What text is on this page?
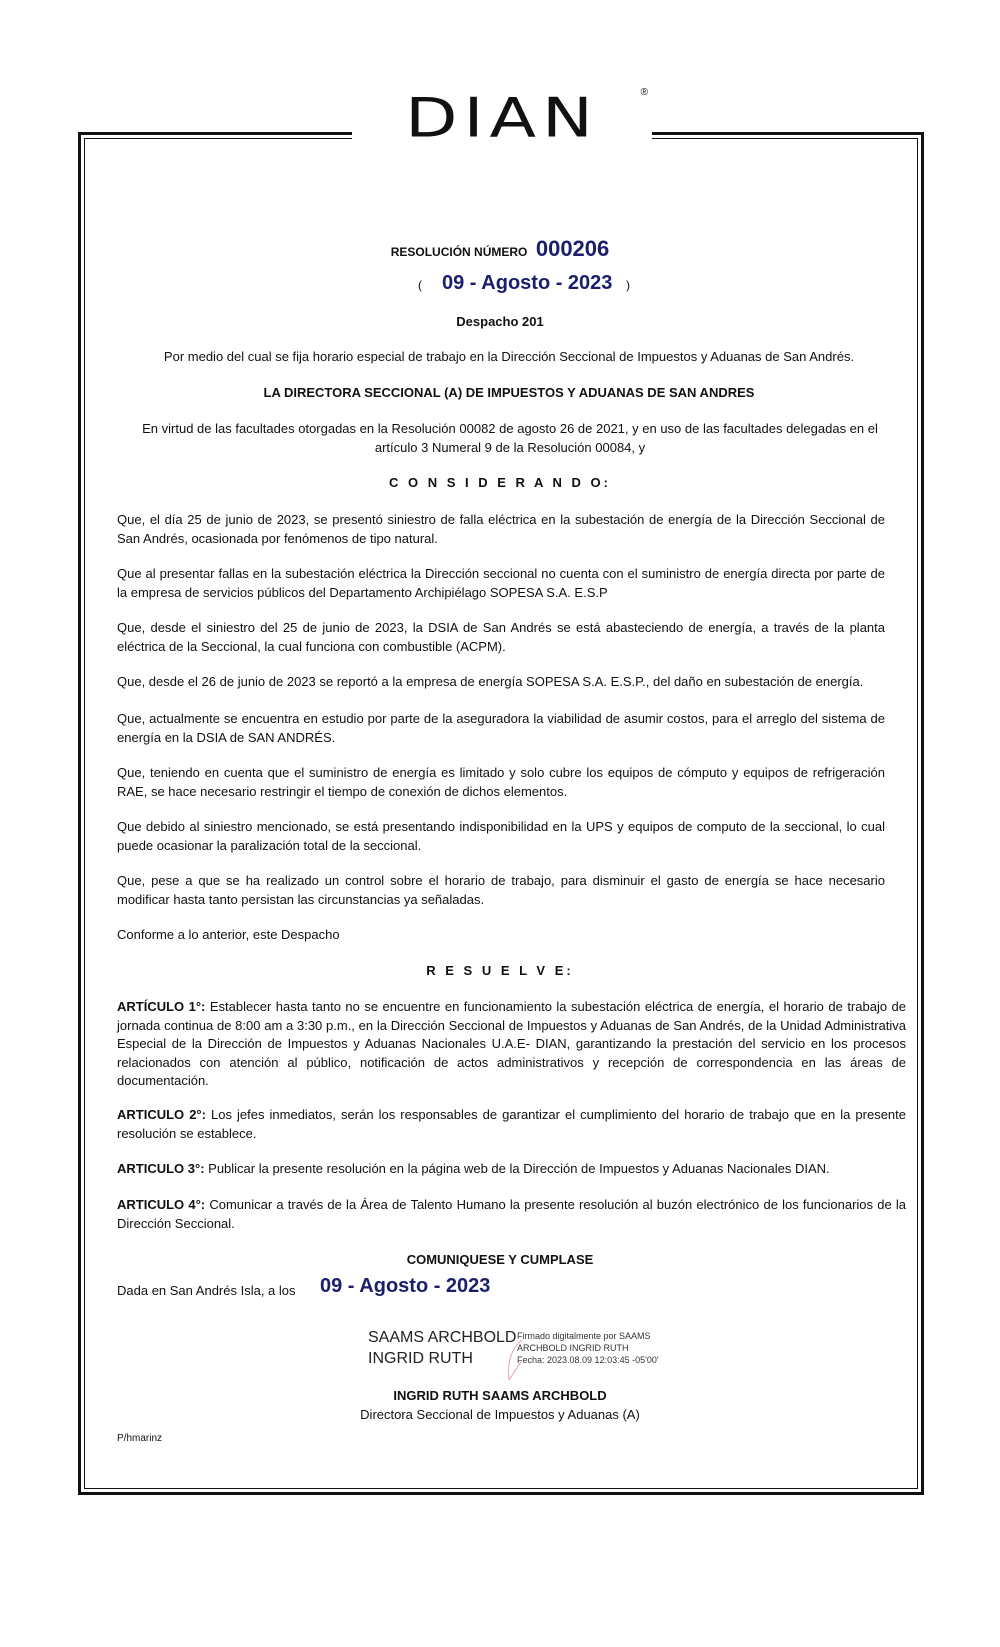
DIAN	®
RESOLUCIÓN NÚMERO 000206
( 09 - Agosto - 2023 )
Despacho 201
Por medio del cual se fija horario especial de trabajo en la Dirección Seccional de Impuestos y Aduanas de San Andrés.
LA DIRECTORA SECCIONAL (A) DE IMPUESTOS Y ADUANAS DE SAN ANDRES
En virtud de las facultades otorgadas en la Resolución 00082 de agosto 26 de 2021, y en uso de las facultades delegadas en el artículo 3 Numeral 9 de la Resolución 00084, y
C O N S I D E R A N D O:
Que, el día 25 de junio de 2023, se presentó siniestro de falla eléctrica en la subestación de energía de la Dirección Seccional de San Andrés, ocasionada por fenómenos de tipo natural.
Que al presentar fallas en la subestación eléctrica la Dirección seccional no cuenta con el suministro de energía directa por parte de la empresa de servicios públicos del Departamento Archipiélago SOPESA S.A. E.S.P
Que, desde el siniestro del 25 de junio de 2023, la DSIA de San Andrés se está abasteciendo de energía, a través de la planta eléctrica de la Seccional, la cual funciona con combustible (ACPM).
Que, desde el 26 de junio de 2023 se reportó a la empresa de energía SOPESA S.A. E.S.P., del daño en subestación de energía.
Que, actualmente se encuentra en estudio por parte de la aseguradora la viabilidad de asumir costos, para el arreglo del sistema de energía en la DSIA de SAN ANDRÉS.
Que, teniendo en cuenta que el suministro de energía es limitado y solo cubre los equipos de cómputo y equipos de refrigeración RAE, se hace necesario restringir el tiempo de conexión de dichos elementos.
Que debido al siniestro mencionado, se está presentando indisponibilidad en la UPS y equipos de computo de la seccional, lo cual puede ocasionar la paralización total de la seccional.
Que, pese a que se ha realizado un control sobre el horario de trabajo, para disminuir el gasto de energía se hace necesario modificar hasta tanto persistan las circunstancias ya señaladas.
Conforme a lo anterior, este Despacho
R E S U E L V E:
ARTÍCULO 1°: Establecer hasta tanto no se encuentre en funcionamiento la subestación eléctrica de energía, el horario de trabajo de jornada continua de 8:00 am a 3:30 p.m., en la Dirección Seccional de Impuestos y Aduanas de San Andrés, de la Unidad Administrativa Especial de la Dirección de Impuestos y Aduanas Nacionales U.A.E- DIAN, garantizando la prestación del servicio en los procesos relacionados con atención al público, notificación de actos administrativos y recepción de correspondencia en las áreas de documentación.
ARTICULO 2°: Los jefes inmediatos, serán los responsables de garantizar el cumplimiento del horario de trabajo que en la presente resolución se establece.
ARTICULO 3°: Publicar la presente resolución en la página web de la Dirección de Impuestos y Aduanas Nacionales DIAN.
ARTICULO 4°: Comunicar a través de la Área de Talento Humano la presente resolución al buzón electrónico de los funcionarios de la Dirección Seccional.
COMUNIQUESE Y CUMPLASE
Dada en San Andrés Isla, a los 09 - Agosto - 2023
SAAMS ARCHBOLD
INGRID RUTH
Firmado digitalmente por SAAMS
ARCHBOLD INGRID RUTH
Fecha: 2023.08.09 12:03:45 -05'00'
INGRID RUTH SAAMS ARCHBOLD
Directora Seccional de Impuestos y Aduanas (A)
P/hmarinz
